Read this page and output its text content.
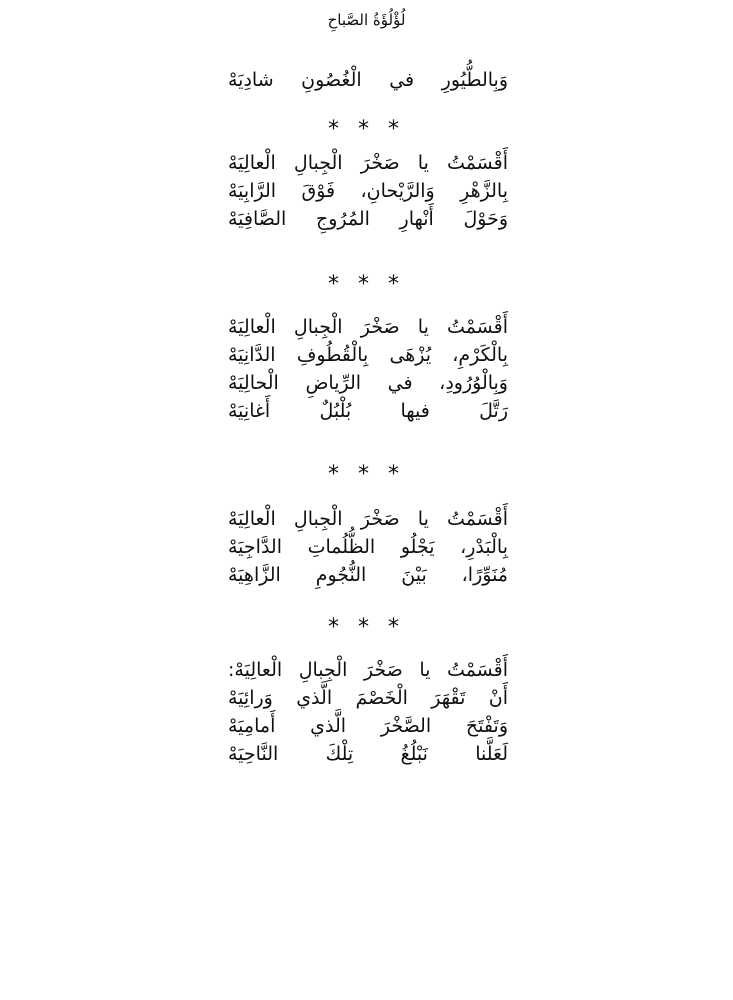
لُؤْلُؤَةُ الصَّباحِ
وَبِالطُّيُورِ في الْغُصُونِ شادِيَهْ
* * *
أَقْسَمْتُ يا صَخْرَ الْجِبالِ الْعالِيَهْ
بِالزَّهْرِ وَالرَّيْحانِ، فَوْقَ الرَّابِيَهْ
وَحَوْلَ أَنْهارِ المُرُوجِ الصَّافِيَهْ
* * *
أَقْسَمْتُ يا صَخْرَ الْجِبالِ الْعالِيَهْ
بِالْكَرْمِ، يُزْهَى بِالْقُطُوفِ الدَّانِيَهْ
وَبِالْوُرُودِ، في الرِّياضِ الْحالِيَهْ
رَتَّلَ فيها بُلْبُلٌ أَغانِيَهْ
* * *
أَقْسَمْتُ يا صَخْرَ الْجِبالِ الْعالِيَهْ
بِالْبَدْرِ، يَجْلُو الظُّلُماتِ الدَّاجِيَهْ
مُنَوِّرًا، بَيْنَ النُّجُومِ الزَّاهِيَهْ
* * *
أَقْسَمْتُ يا صَخْرَ الْجِبالِ الْعالِيَهْ:
أَنْ تَقْهَرَ الْخَصْمَ الَّذي وَرائِيَهْ
وَتَفْتَحَ الصَّخْرَ الَّذي أَمامِيَهْ
لَعَلَّنا نَبْلُغُ تِلْكَ النَّاحِيَهْ
